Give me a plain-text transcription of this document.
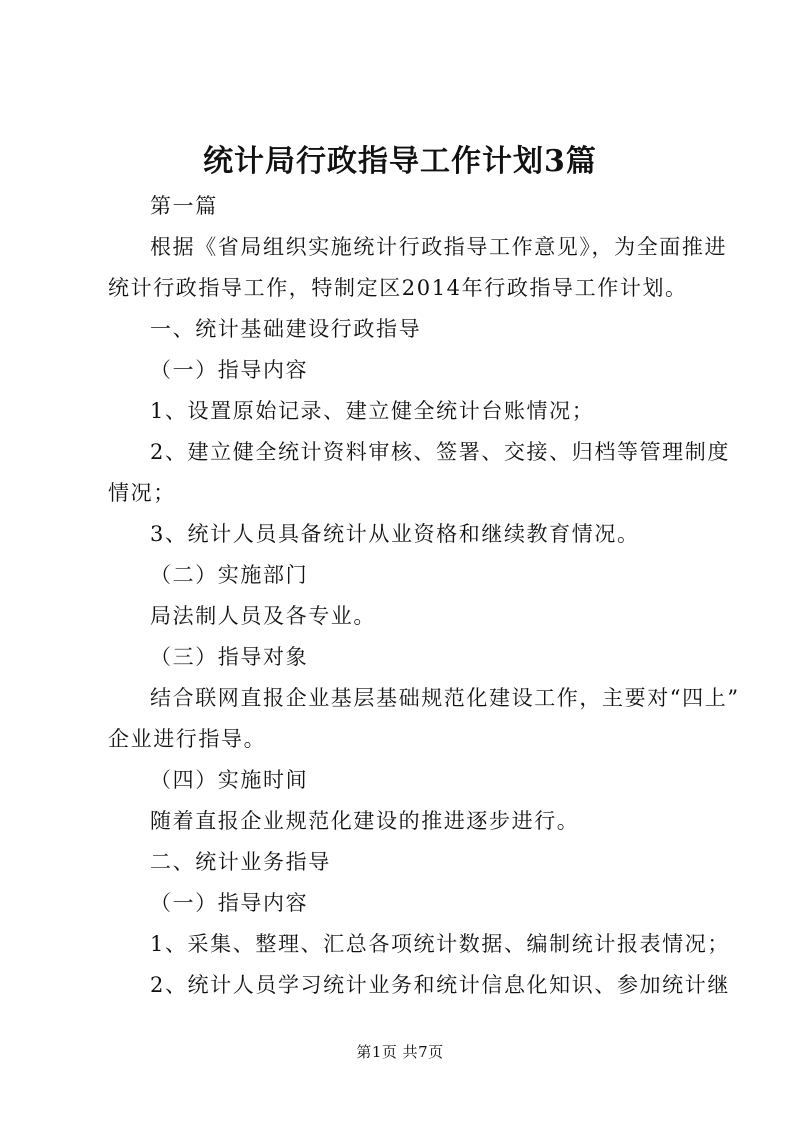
统计局行政指导工作计划3篇

第一篇

根据《省局组织实施统计行政指导工作意见》，为全面推进

统计行政指导工作，特制定区2014年行政指导工作计划。

一、统计基础建设行政指导

（一）指导内容

1、设置原始记录、建立健全统计台账情况；

2、建立健全统计资料审核、签署、交接、归档等管理制度

情况；

3、统计人员具备统计从业资格和继续教育情况。

（二）实施部门

局法制人员及各专业。

（三）指导对象

结合联网直报企业基层基础规范化建设工作，主要对“四上”

企业进行指导。

（四）实施时间

随着直报企业规范化建设的推进逐步进行。

二、统计业务指导

（一）指导内容

1、采集、整理、汇总各项统计数据、编制统计报表情况；

2、统计人员学习统计业务和统计信息化知识、参加统计继

第1页 共7页
